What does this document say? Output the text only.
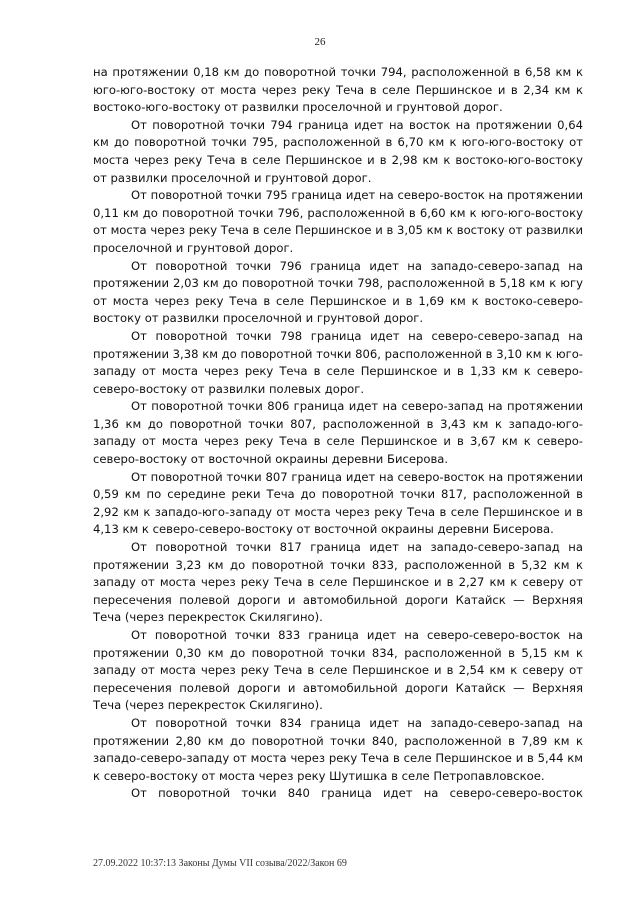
26

на протяжении 0,18 км до поворотной точки 794, расположенной в 6,58 км к юго-юго-востоку от моста через реку Теча в селе Першинское и в 2,34 км к востоко-юго-востоку от развилки проселочной и грунтовой дорог.

От поворотной точки 794 граница идет на восток на протяжении 0,64 км до поворотной точки 795, расположенной в 6,70 км к юго-юго-востоку от моста через реку Теча в селе Першинское и в 2,98 км к востоко-юго-востоку от развилки проселочной и грунтовой дорог.

От поворотной точки 795 граница идет на северо-восток на протяжении 0,11 км до поворотной точки 796, расположенной в 6,60 км к юго-юго-востоку от моста через реку Теча в селе Першинское и в 3,05 км к востоку от развилки проселочной и грунтовой дорог.

От поворотной точки 796 граница идет на западо-северо-запад на протяжении 2,03 км до поворотной точки 798, расположенной в 5,18 км к югу от моста через реку Теча в селе Першинское и в 1,69 км к востоко-северо-востоку от развилки проселочной и грунтовой дорог.

От поворотной точки 798 граница идет на северо-северо-запад на протяжении 3,38 км до поворотной точки 806, расположенной в 3,10 км к юго-западу от моста через реку Теча в селе Першинское и в 1,33 км к северо-северо-востоку от развилки полевых дорог.

От поворотной точки 806 граница идет на северо-запад на протяжении 1,36 км до поворотной точки 807, расположенной в 3,43 км к западо-юго-западу от моста через реку Теча в селе Першинское и в 3,67 км к северо-северо-востоку от восточной окраины деревни Бисерова.

От поворотной точки 807 граница идет на северо-восток на протяжении 0,59 км по середине реки Теча до поворотной точки 817, расположенной в 2,92 км к западо-юго-западу от моста через реку Теча в селе Першинское и в 4,13 км к северо-северо-востоку от восточной окраины деревни Бисерова.

От поворотной точки 817 граница идет на западо-северо-запад на протяжении 3,23 км до поворотной точки 833, расположенной в 5,32 км к западу от моста через реку Теча в селе Першинское и в 2,27 км к северу от пересечения полевой дороги и автомобильной дороги Катайск — Верхняя Теча (через перекресток Скилягино).

От поворотной точки 833 граница идет на северо-северо-восток на протяжении 0,30 км до поворотной точки 834, расположенной в 5,15 км к западу от моста через реку Теча в селе Першинское и в 2,54 км к северу от пересечения полевой дороги и автомобильной дороги Катайск — Верхняя Теча (через перекресток Скилягино).

От поворотной точки 834 граница идет на западо-северо-запад на протяжении 2,80 км до поворотной точки 840, расположенной в 7,89 км к западо-северо-западу от моста через реку Теча в селе Першинское и в 5,44 км к северо-востоку от моста через реку Шутишка в селе Петропавловское.

От поворотной точки 840 граница идет на северо-северо-восток

27.09.2022 10:37:13 Законы Думы VII созыва/2022/Закон 69
